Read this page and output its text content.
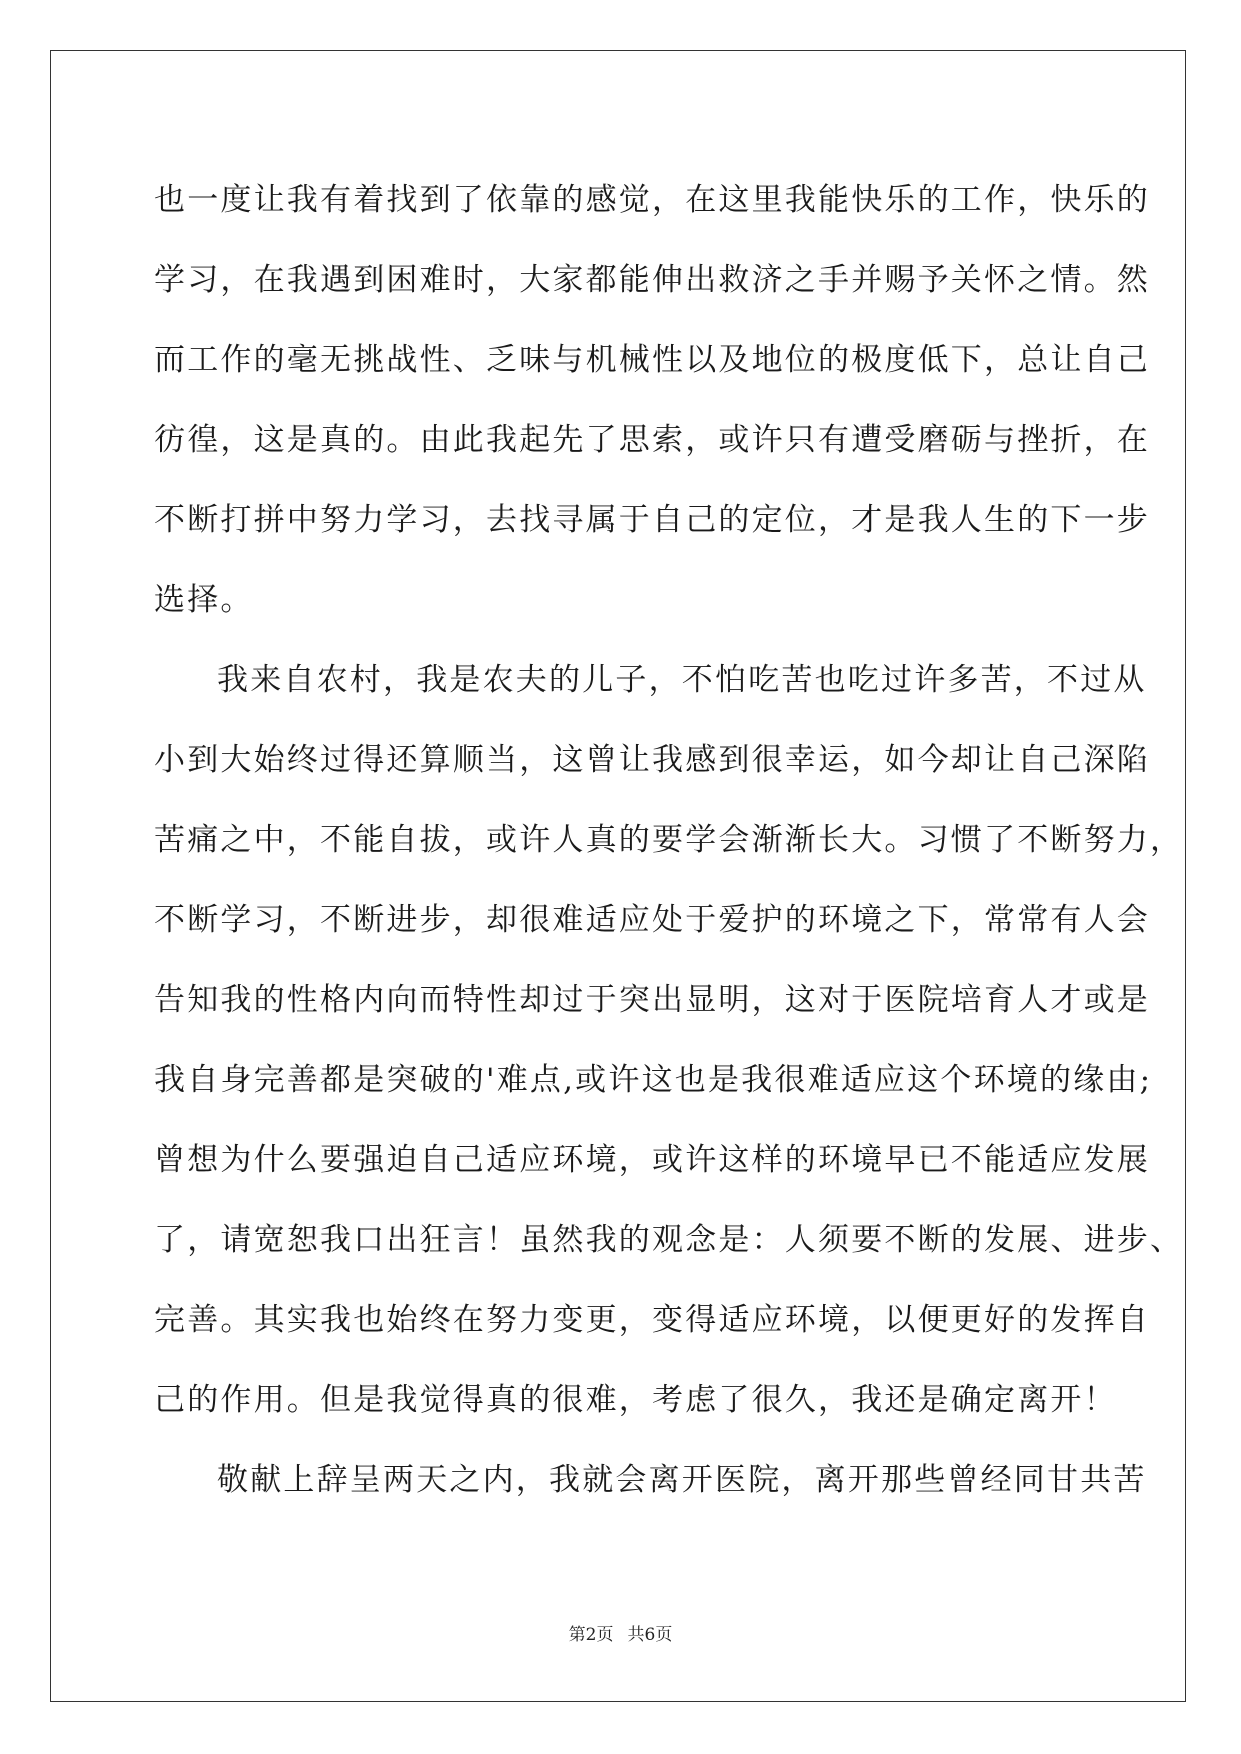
也一度让我有着找到了依靠的感觉，在这里我能快乐的工作，快乐的
学习，在我遇到困难时，大家都能伸出救济之手并赐予关怀之情。然
而工作的毫无挑战性、乏味与机械性以及地位的极度低下，总让自己
彷徨，这是真的。由此我起先了思索，或许只有遭受磨砺与挫折，在
不断打拼中努力学习，去找寻属于自己的定位，才是我人生的下一步
选择。
我来自农村，我是农夫的儿子，不怕吃苦也吃过许多苦，不过从
小到大始终过得还算顺当，这曾让我感到很幸运，如今却让自己深陷
苦痛之中，不能自拔，或许人真的要学会渐渐长大。习惯了不断努力，
不断学习，不断进步，却很难适应处于爱护的环境之下，常常有人会
告知我的性格内向而特性却过于突出显明，这对于医院培育人才或是
我自身完善都是突破的'难点,或许这也是我很难适应这个环境的缘由;
曾想为什么要强迫自己适应环境，或许这样的环境早已不能适应发展
了，请宽恕我口出狂言！虽然我的观念是：人须要不断的发展、进步、
完善。其实我也始终在努力变更，变得适应环境，以便更好的发挥自
己的作用。但是我觉得真的很难，考虑了很久，我还是确定离开！
敬献上辞呈两天之内，我就会离开医院，离开那些曾经同甘共苦
第2页 共6页
